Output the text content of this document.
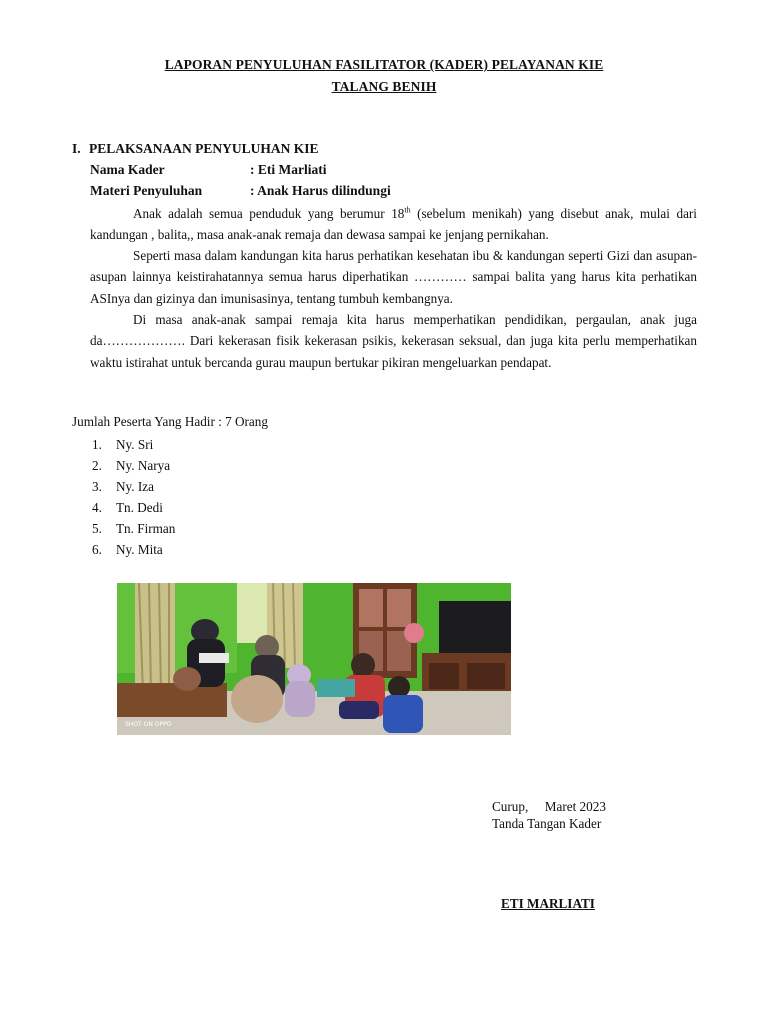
LAPORAN PENYULUHAN FASILITATOR (KADER) PELAYANAN KIE
TALANG BENIH
I. PELAKSANAAN PENYULUHAN KIE
Nama Kader	: Eti Marliati
Materi Penyuluhan	: Anak Harus dilindungi
Anak adalah semua penduduk yang berumur 18th (sebelum menikah) yang disebut anak, mulai dari kandungan , balita,, masa anak-anak remaja dan dewasa sampai ke jenjang pernikahan.
Seperti masa dalam kandungan kita harus perhatikan kesehatan ibu & kandungan seperti Gizi dan asupan-asupan lainnya keistirahatannya semua harus diperhatikan ………… sampai balita yang harus kita perhatikan ASInya dan gizinya dan imunisasinya, tentang tumbuh kembangnya.
Di masa anak-anak sampai remaja kita harus memperhatikan pendidikan, pergaulan, anak juga da………………. Dari kekerasan fisik kekerasan psikis, kekerasan seksual, dan juga kita perlu memperhatikan waktu istirahat untuk bercanda gurau maupun bertukar pikiran mengeluarkan pendapat.
Jumlah Peserta Yang Hadir : 7 Orang
1.	Ny. Sri
2.	Ny. Narya
3.	Ny. Iza
4.	Tn. Dedi
5.	Tn. Firman
6.	Ny. Mita
SHOT ON OPPO
Curup,     Maret 2023
Tanda Tangan Kader
ETI MARLIATI
